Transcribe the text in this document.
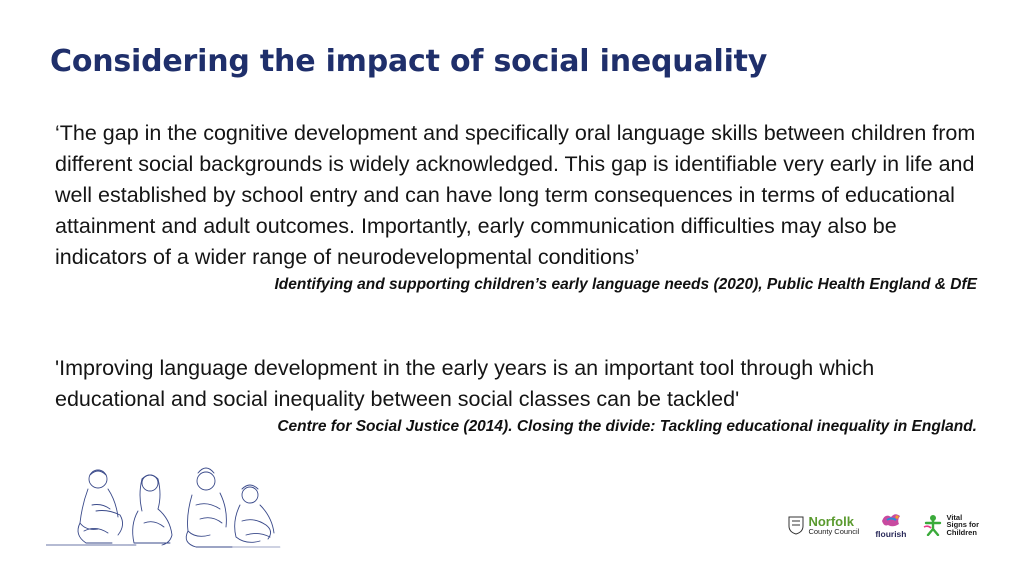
Considering the impact of social inequality

‘The gap in the cognitive development and specifically oral language skills between children from different social backgrounds is widely acknowledged. This gap is identifiable very early in life and well established by school entry and can have long term consequences in terms of educational attainment and adult outcomes. Importantly, early communication difficulties may also be indicators of a wider range of neurodevelopmental conditions’

Identifying and supporting children’s early language needs (2020), Public Health England & DfE

'Improving language development in the early years is an important tool through which educational and social inequality between social classes can be tackled'

Centre for Social Justice (2014). Closing the divide: Tackling educational inequality in England.

Norfolk
County Council flourish
Vital
Signs for
Children
